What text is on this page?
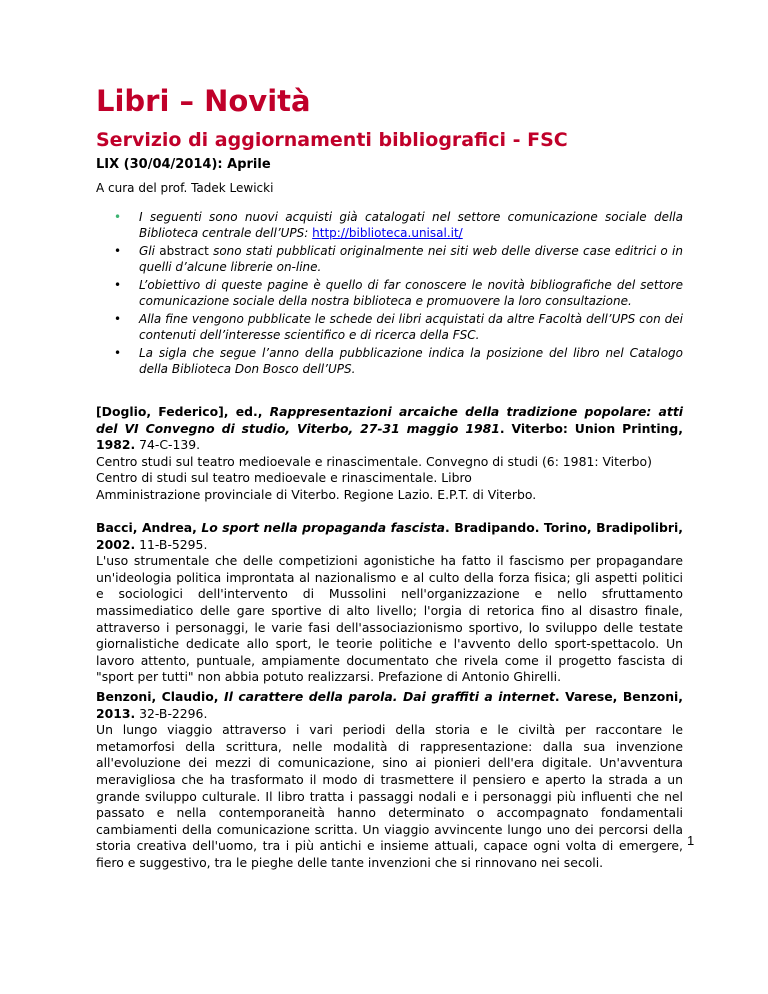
Libri – Novità
Servizio di aggiornamenti bibliografici - FSC
LIX (30/04/2014): Aprile
A cura del prof. Tadek Lewicki
• I seguenti sono nuovi acquisti già catalogati nel settore comunicazione sociale della Biblioteca centrale dell’UPS: http://biblioteca.unisal.it/
• Gli abstract sono stati pubblicati originalmente nei siti web delle diverse case editrici o in quelli d’alcune librerie on-line.
• L’obiettivo di queste pagine è quello di far conoscere le novità bibliografiche del settore comunicazione sociale della nostra biblioteca e promuovere la loro consultazione.
• Alla fine vengono pubblicate le schede dei libri acquistati da altre Facoltà dell’UPS con dei contenuti dell’interesse scientifico e di ricerca della FSC.
• La sigla che segue l’anno della pubblicazione indica la posizione del libro nel Catalogo della Biblioteca Don Bosco dell’UPS.

[Doglio, Federico], ed., Rappresentazioni arcaiche della tradizione popolare: atti del VI Convegno di studio, Viterbo, 27-31 maggio 1981. Viterbo: Union Printing, 1982. 74-C-139.

Centro studi sul teatro medioevale e rinascimentale. Convegno di studi (6: 1981: Viterbo)

Centro di studi sul teatro medioevale e rinascimentale. Libro

Amministrazione provinciale di Viterbo. Regione Lazio. E.P.T. di Viterbo.

Bacci, Andrea, Lo sport nella propaganda fascista. Bradipando. Torino, Bradipolibri, 2002. 11-B-5295.

L'uso strumentale che delle competizioni agonistiche ha fatto il fascismo per propagandare un'ideologia politica improntata al nazionalismo e al culto della forza fisica; gli aspetti politici e sociologici dell'intervento di Mussolini nell'organizzazione e nello sfruttamento massimediatico delle gare sportive di alto livello; l'orgia di retorica fino al disastro finale, attraverso i personaggi, le varie fasi dell'associazionismo sportivo, lo sviluppo delle testate giornalistiche dedicate allo sport, le teorie politiche e l'avvento dello sport-spettacolo. Un lavoro attento, puntuale, ampiamente documentato che rivela come il progetto fascista di "sport per tutti" non abbia potuto realizzarsi. Prefazione di Antonio Ghirelli.

Benzoni, Claudio, Il carattere della parola. Dai graffiti a internet. Varese, Benzoni, 2013. 32-B-2296.

Un lungo viaggio attraverso i vari periodi della storia e le civiltà per raccontare le metamorfosi della scrittura, nelle modalità di rappresentazione: dalla sua invenzione all'evoluzione dei mezzi di comunicazione, sino ai pionieri dell'era digitale. Un'avventura meravigliosa che ha trasformato il modo di trasmettere il pensiero e aperto la strada a un grande sviluppo culturale. Il libro tratta i passaggi nodali e i personaggi più influenti che nel passato e nella contemporaneità hanno determinato o accompagnato fondamentali cambiamenti della comunicazione scritta. Un viaggio avvincente lungo uno dei percorsi della storia creativa dell'uomo, tra i più antichi e insieme attuali, capace ogni volta di emergere, fiero e suggestivo, tra le pieghe delle tante invenzioni che si rinnovano nei secoli.

1
